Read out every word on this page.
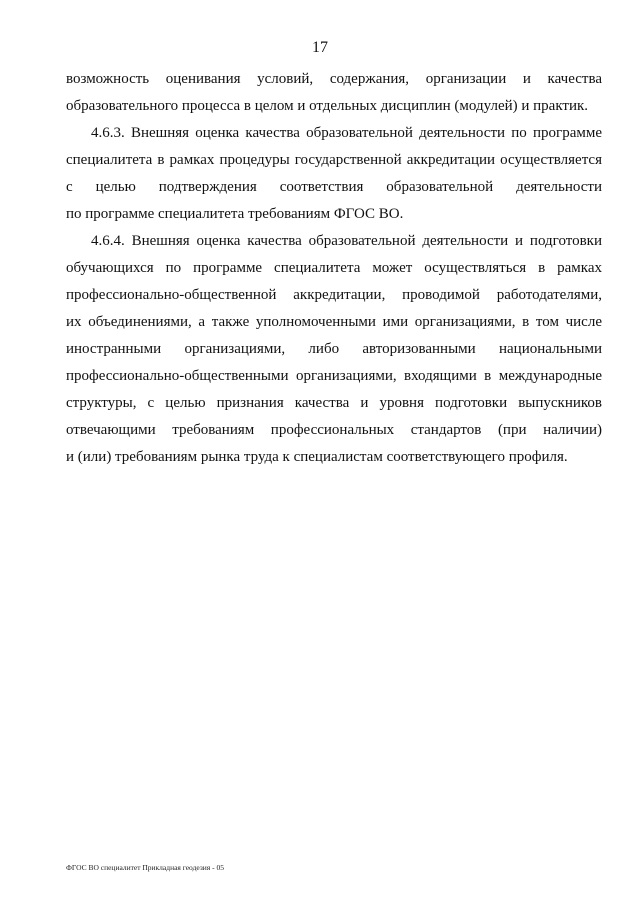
17

возможность оценивания условий, содержания, организации и качества
образовательного процесса в целом и отдельных дисциплин (модулей) и практик.

4.6.3. Внешняя оценка качества образовательной деятельности по программе
специалитета в рамках процедуры государственной аккредитации осуществляется
с целью подтверждения соответствия образовательной деятельности
по программе специалитета требованиям ФГОС ВО.

4.6.4. Внешняя оценка качества образовательной деятельности и подготовки
обучающихся по программе специалитета может осуществляться в рамках
профессионально-общественной аккредитации, проводимой работодателями,
их объединениями, а также уполномоченными ими организациями, в том числе
иностранными организациями, либо авторизованными национальными
профессионально-общественными организациями, входящими в международные
структуры, с целью признания качества и уровня подготовки выпускников
отвечающими требованиям профессиональных стандартов (при наличии)
и (или) требованиям рынка труда к специалистам соответствующего профиля.

ФГОС ВО специалитет Прикладная геодезия - 05
